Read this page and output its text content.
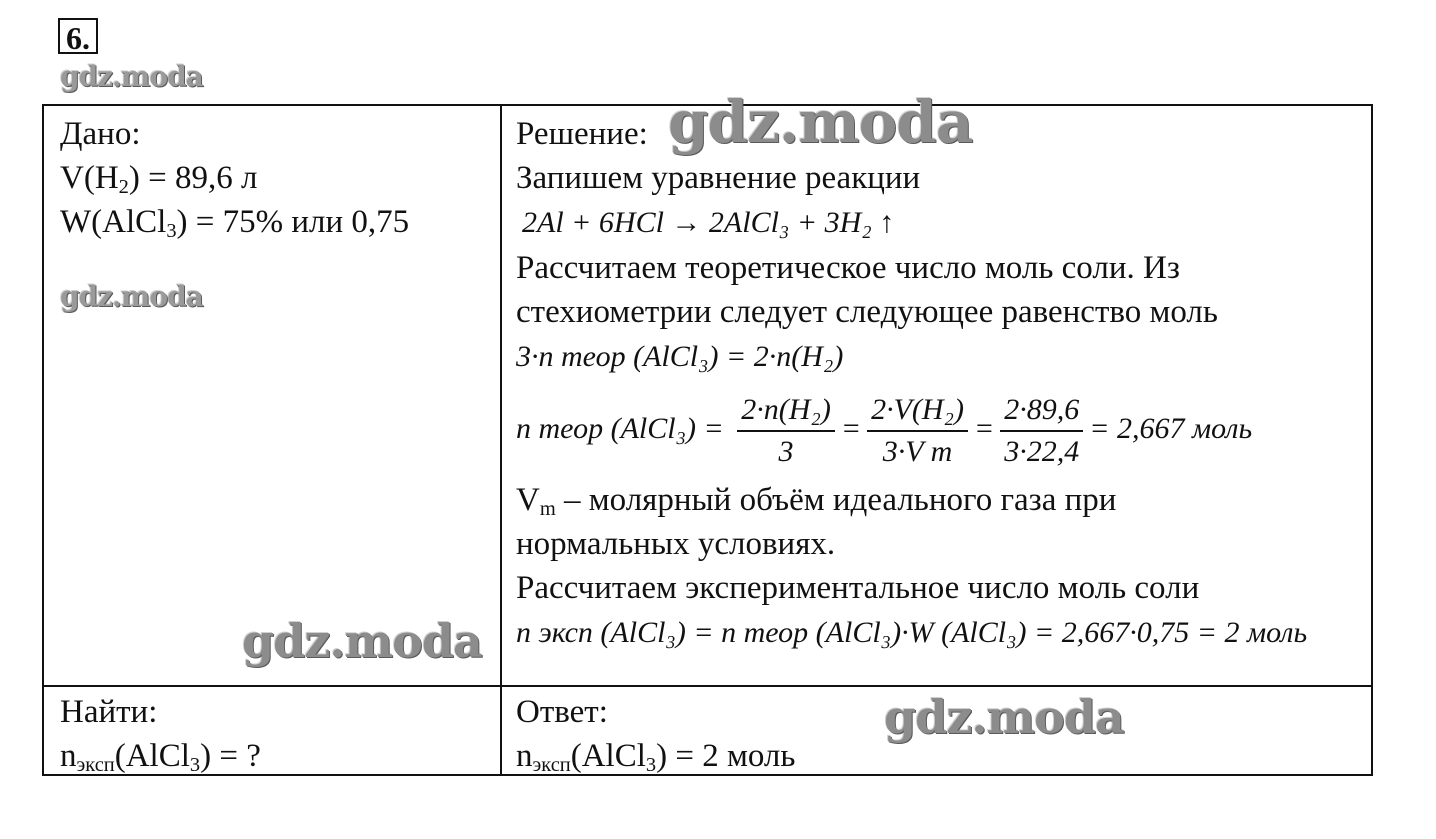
6.
gdz.moda
Дано:
$V(H_2) = 89,6$ л
W(AlCl$_3$) = 75% или 0,75
Решение:
Запишем уравнение реакции
2Al + 6HCl → 2AlCl₃ + 3H₂ ↑
Рассчитаем теоретическое число моль соли. Из
стехиометрии следует следующее равенство моль
3·n теор (AlCl₃) = 2·n(H₂)
n теор (AlCl₃) = $\frac{\text{2·n(H₂)}}{3} = \frac{\text{2·V(H₂)}}{\text{3·V m}} = \frac{2\cdot 89,6}{3\cdot 22,4} = 2,667$ моль
$V_m$ – молярный объём идеального газа при
нормальных условиях.
Рассчитаем экспериментальное число моль соли
n эксп (AlCl₃) = n теор (AlCl₃)·W (AlCl₃) = 2,667·0,75 = 2 моль
Найти:
$n_{эксп}(AlCl_3)$ = ?
Ответ:
$n_{эксп}(AlCl_3) = 2$ моль
gdz.moda
gdz.moda
gdz.moda
gdz.moda
